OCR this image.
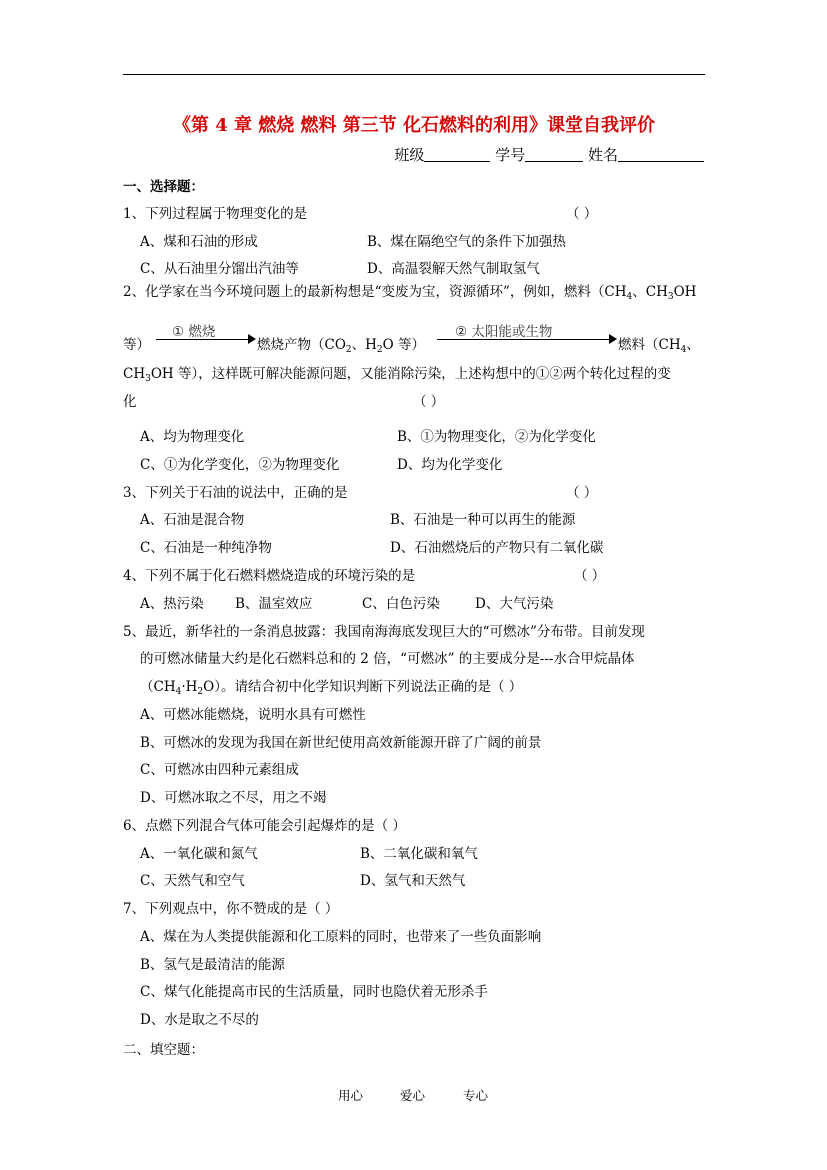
《第 4 章 燃烧 燃料 第三节 化石燃料的利用》课堂自我评价
班级	学号	姓名
一、选择题：
1、下列过程属于物理变化的是	（ ）
A、煤和石油的形成	B、煤在隔绝空气的条件下加强热
C、从石油里分馏出汽油等	D、高温裂解天然气制取氢气
2、化学家在当今环境问题上的最新构想是“变废为宝，资源循环”，例如，燃料（$CH_4$、$CH_3OH$
等）
① 燃烧
燃烧产物（$CO_2$、$H_2O$ 等）
② 太阳能或生物
燃料（$CH_4$、
$CH_3OH$ 等），这样既可解决能源问题，又能消除污染，上述构想中的①②两个转化过程的变
化	（ ）
A、均为物理变化	B、①为物理变化，②为化学变化
C、①为化学变化，②为物理变化	D、均为化学变化
3、下列关于石油的说法中，正确的是	（ ）
A、石油是混合物	B、石油是一种可以再生的能源
C、石油是一种纯净物	D、石油燃烧后的产物只有二氧化碳
4、下列不属于化石燃料燃烧造成的环境污染的是	（ ）
A、热污染 B、温室效应	C、白色污染	D、大气污染
5、最近，新华社的一条消息披露：我国南海海底发现巨大的“可燃冰”分布带。目前发现
的可燃冰储量大约是化石燃料总和的 2 倍，“可燃冰” 的主要成分是---水合甲烷晶体
$(CH_4\cdot H_2O)$。请结合初中化学知识判断下列说法正确的是（ ）
A、可燃冰能燃烧，说明水具有可燃性
B、可燃冰的发现为我国在新世纪使用高效新能源开辟了广阔的前景
C、可燃冰由四种元素组成
D、可燃冰取之不尽，用之不竭
6、点燃下列混合气体可能会引起爆炸的是（ ）
A、一氧化碳和氮气	B、二氧化碳和氧气
C、天然气和空气	D、氢气和天然气
7、下列观点中，你不赞成的是（ ）
A、煤在为人类提供能源和化工原料的同时，也带来了一些负面影响
B、氢气是最清洁的能源
C、煤气化能提高市民的生活质量，同时也隐伏着无形杀手
D、水是取之不尽的
二、填空题：
用心	爱心	专心
